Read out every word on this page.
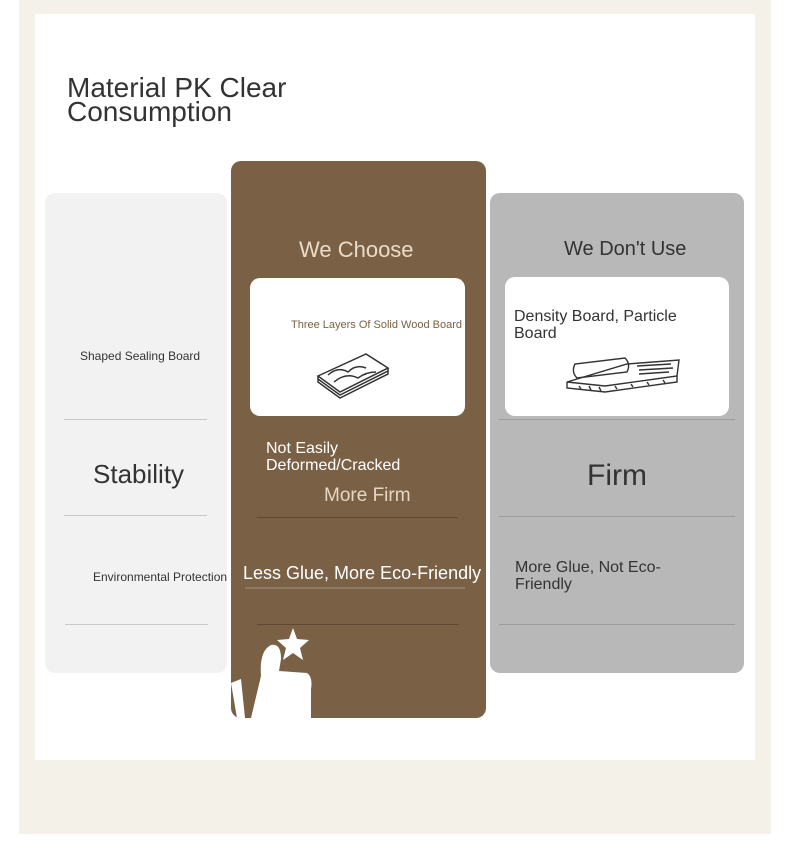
Material PK Clear Consumption
Shaped Sealing Board
Stability
Environmental Protection
We Choose
Three Layers Of Solid Wood Board
Not Easily Deformed/Cracked
More Firm
Less Glue, More Eco-Friendly
We Don't Use
Density Board, Particle Board
Firm
More Glue, Not Eco-Friendly
